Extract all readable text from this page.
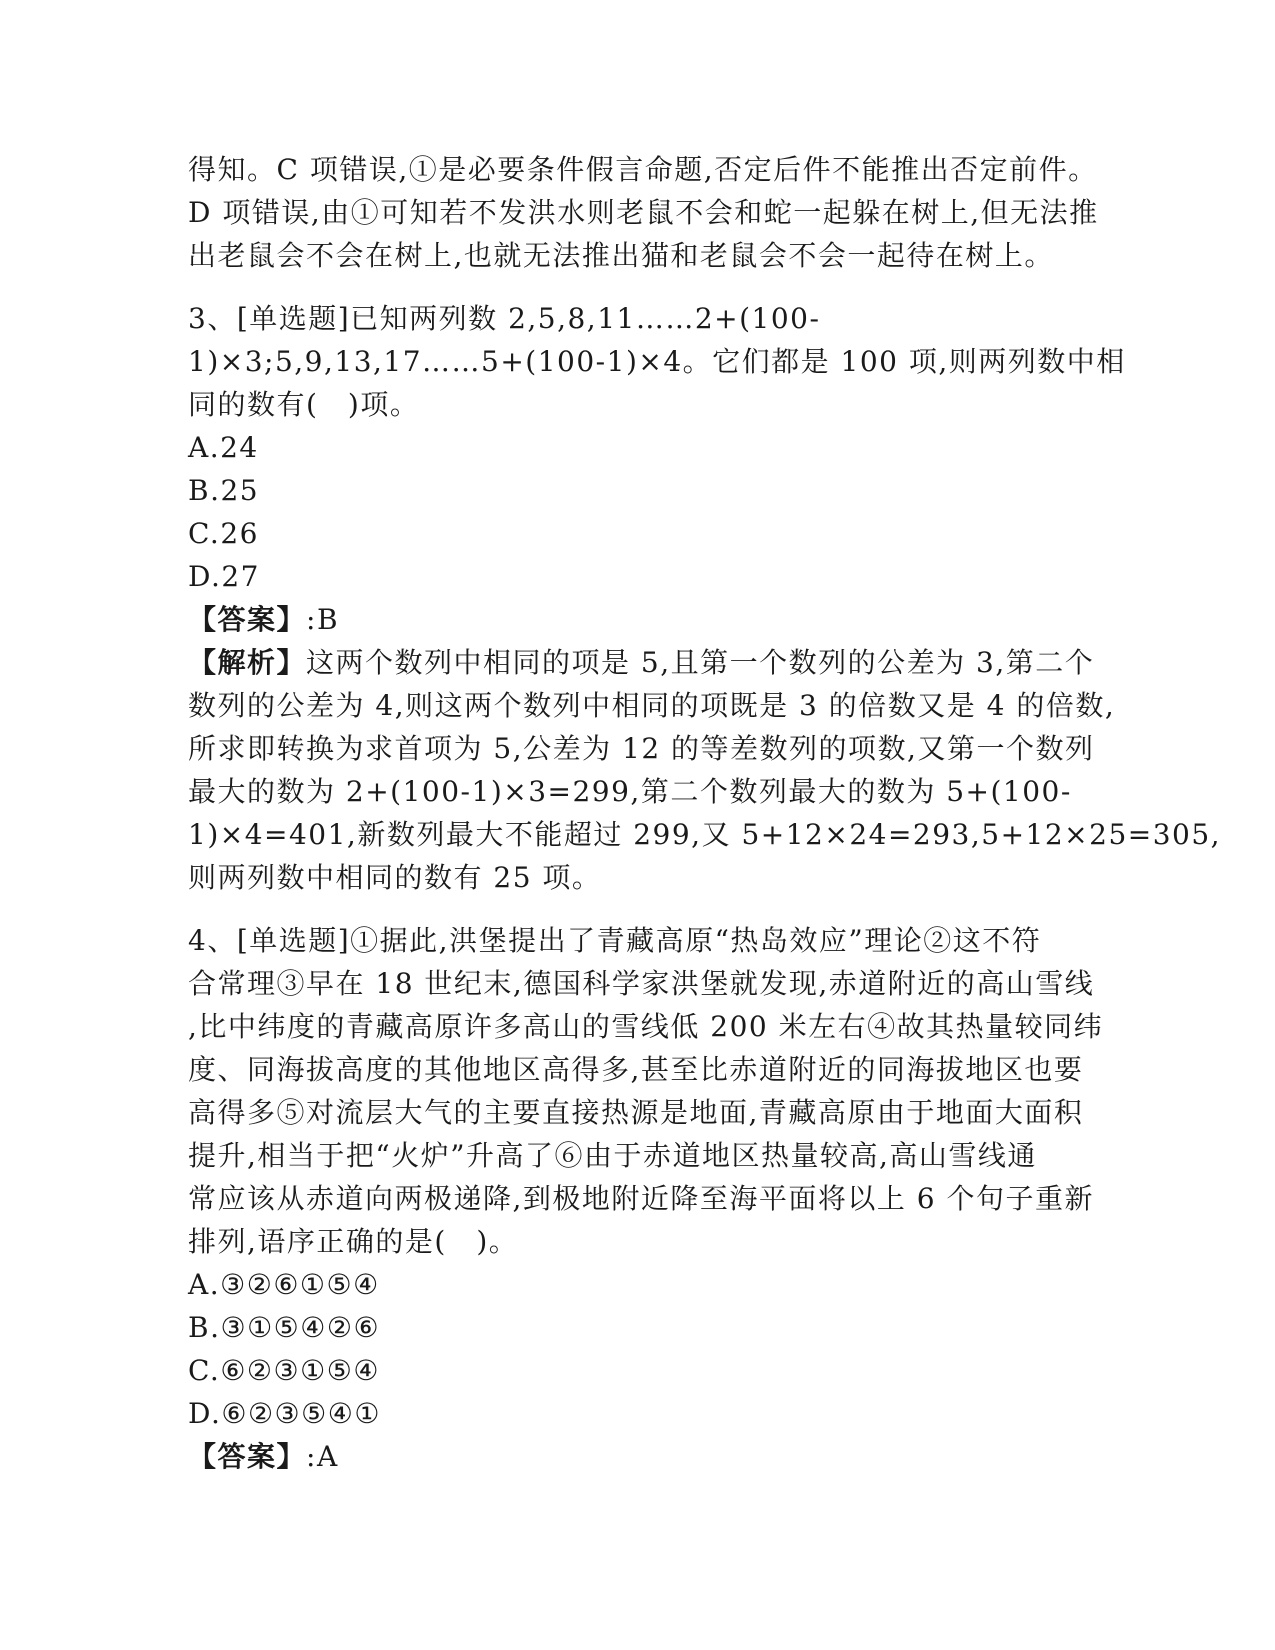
得知。C 项错误,①是必要条件假言命题,否定后件不能推出否定前件。
D 项错误,由①可知若不发洪水则老鼠不会和蛇一起躲在树上,但无法推
出老鼠会不会在树上,也就无法推出猫和老鼠会不会一起待在树上。
3、[单选题]已知两列数 2,5,8,11……2+(100-
1)×3;5,9,13,17……5+(100-1)×4。它们都是 100 项,则两列数中相
同的数有(　)项。
A.24
B.25
C.26
D.27
【答案】:B
【解析】这两个数列中相同的项是 5,且第一个数列的公差为 3,第二个
数列的公差为 4,则这两个数列中相同的项既是 3 的倍数又是 4 的倍数,
所求即转换为求首项为 5,公差为 12 的等差数列的项数,又第一个数列
最大的数为 2+(100-1)×3=299,第二个数列最大的数为 5+(100-
1)×4=401,新数列最大不能超过 299,又 5+12×24=293,5+12×25=305,
则两列数中相同的数有 25 项。
4、[单选题]①据此,洪堡提出了青藏高原“热岛效应”理论②这不符
合常理③早在 18 世纪末,德国科学家洪堡就发现,赤道附近的高山雪线
,比中纬度的青藏高原许多高山的雪线低 200 米左右④故其热量较同纬
度、同海拔高度的其他地区高得多,甚至比赤道附近的同海拔地区也要
高得多⑤对流层大气的主要直接热源是地面,青藏高原由于地面大面积
提升,相当于把“火炉”升高了⑥由于赤道地区热量较高,高山雪线通
常应该从赤道向两极递降,到极地附近降至海平面将以上 6 个句子重新
排列,语序正确的是(　)。
A.③②⑥①⑤④
B.③①⑤④②⑥
C.⑥②③①⑤④
D.⑥②③⑤④①
【答案】:A
